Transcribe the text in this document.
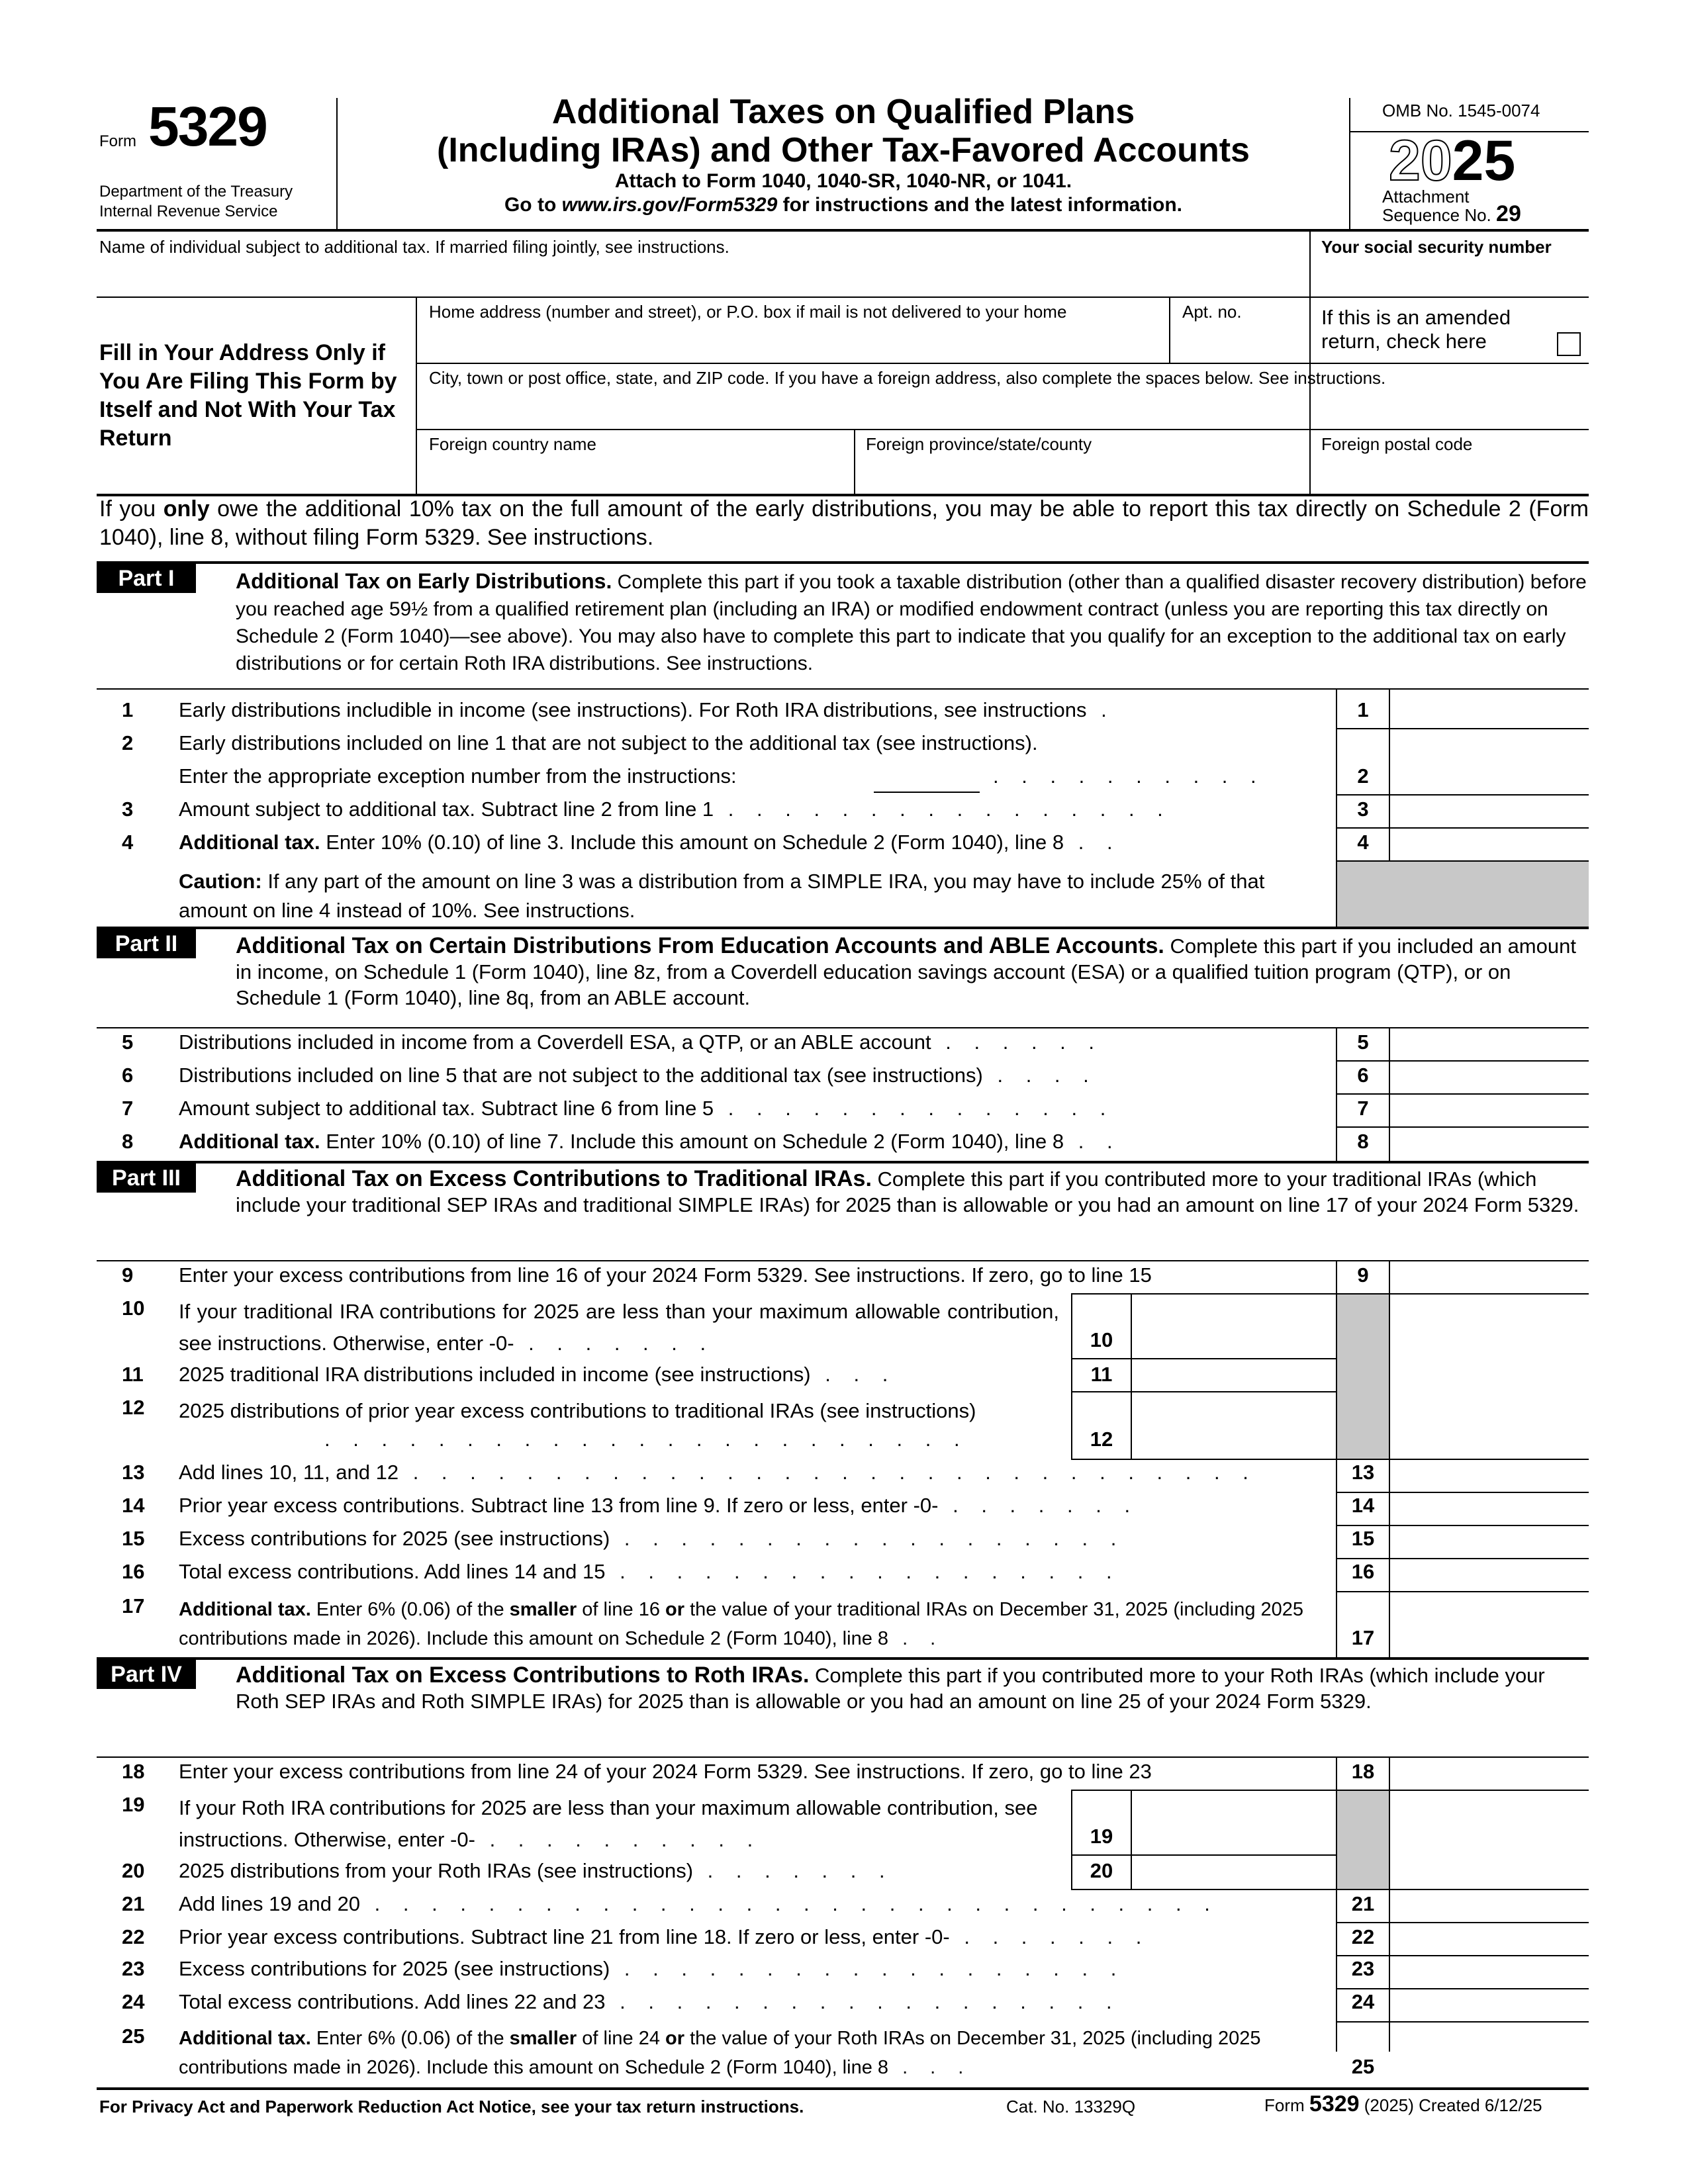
Form 5329
Department of the Treasury
Internal Revenue Service
Additional Taxes on Qualified Plans
(Including IRAs) and Other Tax-Favored Accounts
Attach to Form 1040, 1040-SR, 1040-NR, or 1041.
Go to www.irs.gov/Form5329 for instructions and the latest information.
OMB No. 1545-0074
2025
Attachment
Sequence No. 29
Name of individual subject to additional tax. If married filing jointly, see instructions.	Your social security number
Fill in Your Address Only if You Are Filing This Form by Itself and Not With Your Tax Return
Home address (number and street), or P.O. box if mail is not delivered to your home	Apt. no.	If this is an amended return, check here
City, town or post office, state, and ZIP code. If you have a foreign address, also complete the spaces below. See instructions.
Foreign country name	Foreign province/state/county	Foreign postal code
If you only owe the additional 10% tax on the full amount of the early distributions, you may be able to report this tax directly on Schedule 2 (Form 1040), line 8, without filing Form 5329. See instructions.
Part I	Additional Tax on Early Distributions. Complete this part if you took a taxable distribution (other than a qualified disaster recovery distribution) before you reached age 59½ from a qualified retirement plan (including an IRA) or modified endowment contract (unless you are reporting this tax directly on Schedule 2 (Form 1040)—see above). You may also have to complete this part to indicate that you qualify for an exception to the additional tax on early distributions or for certain Roth IRA distributions. See instructions.
1 Early distributions includible in income (see instructions). For Roth IRA distributions, see instructions .	1
2 Early distributions included on line 1 that are not subject to the additional tax (see instructions).
Enter the appropriate exception number from the instructions:	. . . . . . . . . .	2
3 Amount subject to additional tax. Subtract line 2 from line 1 . . . . . . . . . . . . . . . .	3
4 Additional tax. Enter 10% (0.10) of line 3. Include this amount on Schedule 2 (Form 1040), line 8 . .	4
Caution: If any part of the amount on line 3 was a distribution from a SIMPLE IRA, you may have to include 25% of that amount on line 4 instead of 10%. See instructions.
Part II	Additional Tax on Certain Distributions From Education Accounts and ABLE Accounts. Complete this part if you included an amount in income, on Schedule 1 (Form 1040), line 8z, from a Coverdell education savings account (ESA) or a qualified tuition program (QTP), or on Schedule 1 (Form 1040), line 8q, from an ABLE account.
5 Distributions included in income from a Coverdell ESA, a QTP, or an ABLE account . . . . . .	5
6 Distributions included on line 5 that are not subject to the additional tax (see instructions) . . . .	6
7 Amount subject to additional tax. Subtract line 6 from line 5 . . . . . . . . . . . . . .	7
8 Additional tax. Enter 10% (0.10) of line 7. Include this amount on Schedule 2 (Form 1040), line 8 . .	8
Part III	Additional Tax on Excess Contributions to Traditional IRAs. Complete this part if you contributed more to your traditional IRAs (which include your traditional SEP IRAs and traditional SIMPLE IRAs) for 2025 than is allowable or you had an amount on line 17 of your 2024 Form 5329.
9 Enter your excess contributions from line 16 of your 2024 Form 5329. See instructions. If zero, go to line 15	9
10 If your traditional IRA contributions for 2025 are less than your maximum allowable contribution, see instructions. Otherwise, enter -0- . . . . . . .	10
11 2025 traditional IRA distributions included in income (see instructions) . . .	11
12 2025 distributions of prior year excess contributions to traditional IRAs (see instructions)
. . . . . . . . . . . . . . . . . . . . . . .	12
13 Add lines 10, 11, and 12 . . . . . . . . . . . . . . . . . . . . . . . . . . . . . .	13
14 Prior year excess contributions. Subtract line 13 from line 9. If zero or less, enter -0- . . . . . . .	14
15 Excess contributions for 2025 (see instructions) . . . . . . . . . . . . . . . . . .	15
16 Total excess contributions. Add lines 14 and 15 . . . . . . . . . . . . . . . . . .	16
17 Additional tax. Enter 6% (0.06) of the smaller of line 16 or the value of your traditional IRAs on December 31, 2025 (including 2025 contributions made in 2026). Include this amount on Schedule 2 (Form 1040), line 8 . .	17
Part IV	Additional Tax on Excess Contributions to Roth IRAs. Complete this part if you contributed more to your Roth IRAs (which include your Roth SEP IRAs and Roth SIMPLE IRAs) for 2025 than is allowable or you had an amount on line 25 of your 2024 Form 5329.
18 Enter your excess contributions from line 24 of your 2024 Form 5329. See instructions. If zero, go to line 23	18
19 If your Roth IRA contributions for 2025 are less than your maximum allowable contribution, see instructions. Otherwise, enter -0- . . . . . . . . . .	19
20 2025 distributions from your Roth IRAs (see instructions) . . . . . . .	20
21 Add lines 19 and 20 . . . . . . . . . . . . . . . . . . . . . . . . . . . . . .	21
22 Prior year excess contributions. Subtract line 21 from line 18. If zero or less, enter -0- . . . . . . .	22
23 Excess contributions for 2025 (see instructions) . . . . . . . . . . . . . . . . . .	23
24 Total excess contributions. Add lines 22 and 23 . . . . . . . . . . . . . . . . . .	24
25 Additional tax. Enter 6% (0.06) of the smaller of line 24 or the value of your Roth IRAs on December 31, 2025 (including 2025 contributions made in 2026). Include this amount on Schedule 2 (Form 1040), line 8 . . .	25
For Privacy Act and Paperwork Reduction Act Notice, see your tax return instructions.	Cat. No. 13329Q	Form 5329 (2025) Created 6/12/25
